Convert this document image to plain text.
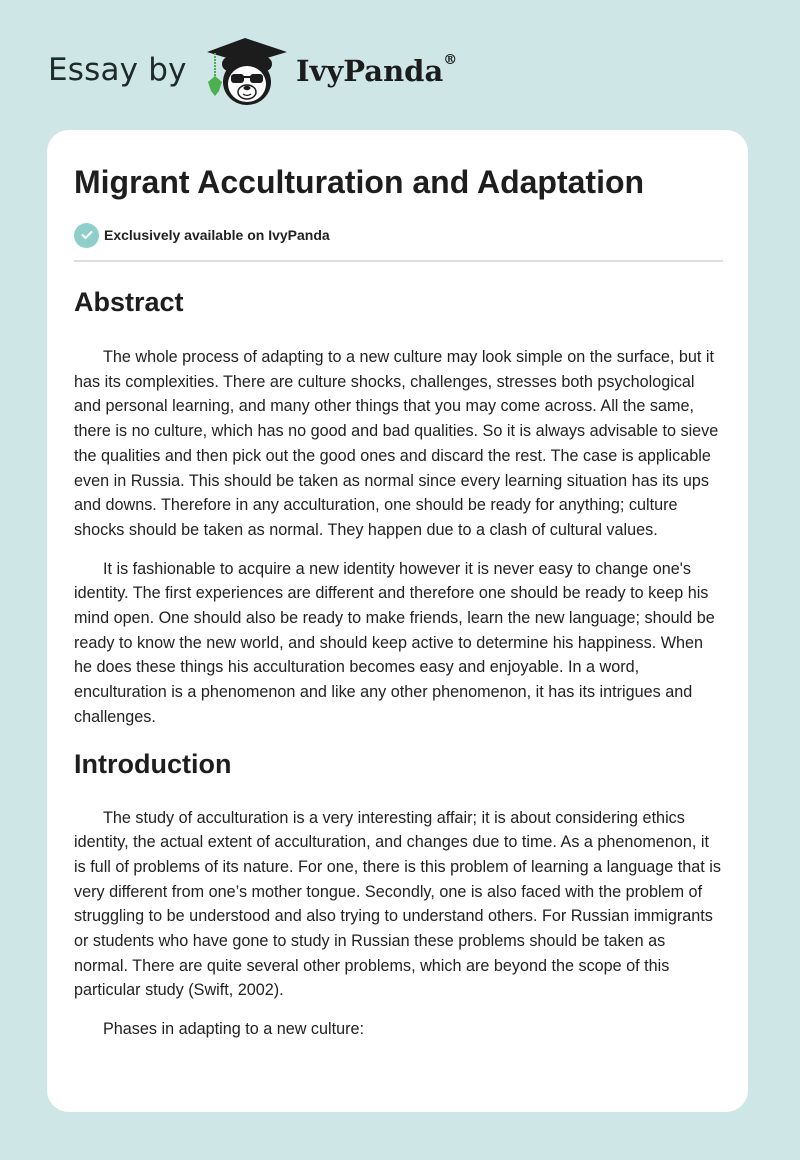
Essay by	IvyPanda®
Migrant Acculturation and Adaptation
Exclusively available on IvyPanda
Abstract

The whole process of adapting to a new culture may look simple on the surface, but it has its complexities. There are culture shocks, challenges, stresses both psychological and personal learning, and many other things that you may come across. All the same, there is no culture, which has no good and bad qualities. So it is always advisable to sieve the qualities and then pick out the good ones and discard the rest. The case is applicable even in Russia. This should be taken as normal since every learning situation has its ups and downs. Therefore in any acculturation, one should be ready for anything; culture shocks should be taken as normal. They happen due to a clash of cultural values.

It is fashionable to acquire a new identity however it is never easy to change one's identity. The first experiences are different and therefore one should be ready to keep his mind open. One should also be ready to make friends, learn the new language; should be ready to know the new world, and should keep active to determine his happiness. When he does these things his acculturation becomes easy and enjoyable. In a word, enculturation is a phenomenon and like any other phenomenon, it has its intrigues and challenges.

Introduction

The study of acculturation is a very interesting affair; it is about considering ethics identity, the actual extent of acculturation, and changes due to time. As a phenomenon, it is full of problems of its nature. For one, there is this problem of learning a language that is very different from one’s mother tongue. Secondly, one is also faced with the problem of struggling to be understood and also trying to understand others. For Russian immigrants or students who have gone to study in Russian these problems should be taken as normal. There are quite several other problems, which are beyond the scope of this particular study (Swift, 2002).

Phases in adapting to a new culture:
